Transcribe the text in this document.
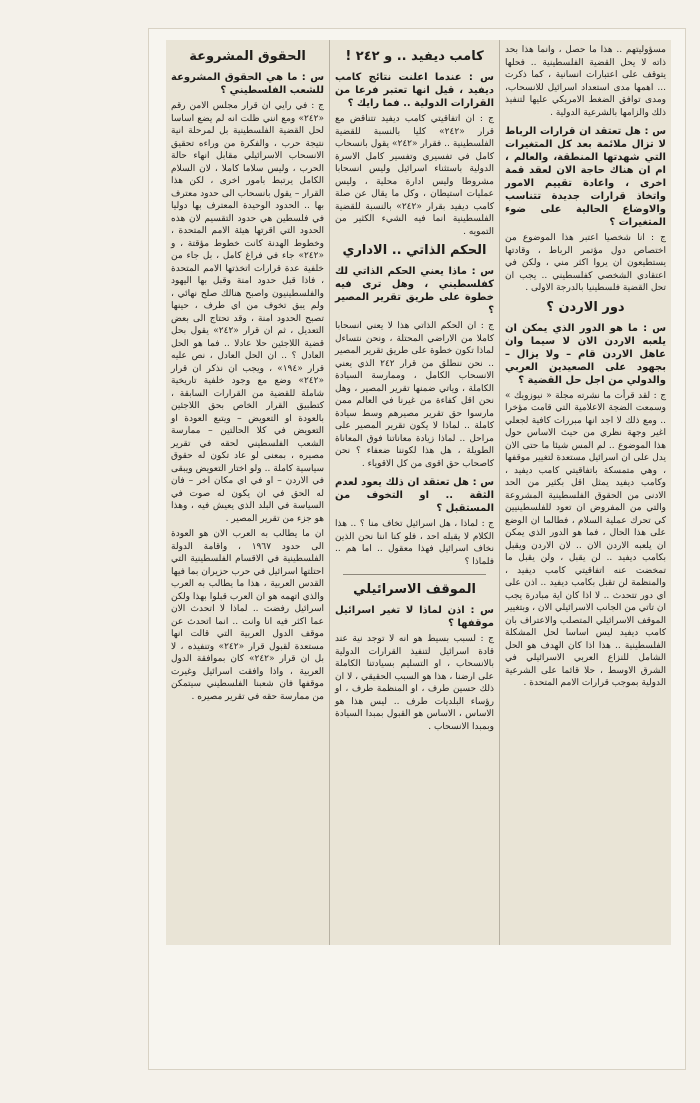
مسؤوليتهم .. هذا ما حصل ، وانما هذا بحد ذاته لا يحل القضية الفلسطينية .. فحلها يتوقف على اعتبارات انسانية ، كما ذكرت ... اهمها مدى استعداد اسرائيل للانسحاب، ومدى توافق الضغط الامريكي عليها لتنفيذ ذلك والزامها بالشرعية الدولية .
س : هل تعتقد ان قرارات الرباط لا تزال ملائمة بعد كل المتغيرات التي شهدتها المنطقة، والعالم ، ام ان هناك حاجة الان لعقد قمة اخرى ، واعادة تقييم الامور واتخاذ قرارات جديدة تتناسب والاوضاع الحالية على ضوء المتغيرات ؟
ج : انا شخصيا اعتبر هذا الموضوع من اختصاص دول مؤتمر الرباط ، وقادتها يستطيعون ان يروا اكثر مني ، ولكن في اعتقادي الشخصي كفلسطيني .. يجب ان تحل القضية فلسطينيا بالدرجة الاولى .
دور الاردن ؟
س : ما هو الدور الذي يمكن ان يلعبه الاردن الان لا سيما وان عاهل الاردن قام – ولا يزال – بجهود على الصعيدين العربي والدولي من اجل حل القضية ؟
ج : لقد قرأت ما نشرته مجلة « نيوزويك » وسمعت الضجة الاعلامية التي قامت مؤخرا .. ومع ذلك لا اجد انها مبررات كافية لجعلي اغير وجهة نظري من حيث الاساس حول هذا الموضوع .. لم المس شيئا ما حتى الان يدل على ان اسرائيل مستعدة لتغيير موقفها ، وهي متمسكة باتفاقيتي كامب ديفيد ، وكامب ديفيد يمثل اقل بكثير من الحد الادنى من الحقوق الفلسطينية المشروعة والتي من المفروض ان تعود للفلسطينيين كي تحرك عملية السلام ، فطالما ان الوضع على هذا الحال ، فما هو الدور الذي يمكن ان يلعبه الاردن الان .. لان الاردن ويقبل بكامب ديفيد .. لن يقبل ، ولن يقبل ما تمخضت عنه اتفاقيتي كامب ديفيد ، والمنظمة لن تقبل بكامب ديفيد .. اذن على اي دور تتحدث .. لا اذا كان اية مبادرة يجب ان تاتي من الجانب الاسرائيلي الان ، وبتغيير الموقف الاسرائيلي المتصلب والاعتراف بان كامب ديفيد ليس اساسا لحل المشكلة الفلسطينية .. هذا اذا كان الهدف هو الحل الشامل للنزاع العربي الاسرائيلي في الشرق الاوسط ، حلا قائما على الشرعية الدولية بموجب قرارات الامم المتحدة .
كامب ديفيد .. و ٢٤٢ !
س : عندما اعلنت نتائج كامب ديفيد ، قيل انها تعتبر فرعا من القرارات الدولية .. فما رايك ؟
ج : ان اتفاقيتي كامب ديفيد تتناقض مع قرار «٢٤٢» كليا بالنسبة للقضية الفلسطينية .. فقرار «٢٤٢» يقول بانسحاب كامل في تفسيري وتفسير كامل الاسرة الدولية باستثناء اسرائيل وليس انسحابا مشروطا وليس ادارة محلية ، وليس عمليات استيطان ، وكل ما يقال عن صلة كامب ديفيد بقرار «٢٤٢» بالنسبة للقضية الفلسطينية انما فيه الشيء الكثير من التمويه .
الحكم الذاتي .. الاداري
س : ماذا يعني الحكم الذاتي لك كفلسطيني ، وهل ترى فيه خطوة على طريق تقرير المصير ؟
ج : ان الحكم الذاتي هذا لا يعني انسحابا كاملا من الاراضي المحتلة ، ونحن نتساءل لماذا تكون خطوة على طريق تقرير المصير .. نحن ننطلق من قرار ٢٤٢ الذي يعني الانسحاب الكامل ، وممارسة السيادة الكاملة ، وياتي ضمنها تقرير المصير ، وهل نحن اقل كفاءة من غيرنا في العالم ممن مارسوا حق تقرير مصيرهم وسط سيادة كاملة .. لماذا لا يكون تقرير المصير على مراحل .. لماذا زيادة معاناتنا فوق المعاناة الطويلة ، هل هذا لكوننا ضعفاء ؟ نحن كاصحاب حق اقوى من كل الاقوياء .
س : هل تعتقد ان ذلك يعود لعدم الثقة .. او التخوف من المستقبل ؟
ج : لماذا ، هل اسرائيل تخاف منا ؟ .. هذا الكلام لا يقبله احد ، فلو كنا اننا نحن الذين نخاف اسرائيل فهذا معقول .. اما هم .. فلماذا ؟
الموقف الاسرائيلي
س : اذن لماذا لا تغير اسرائيل موقفها ؟
ج : لسبب بسيط هو انه لا توجد نية عند قادة اسرائيل لتنفيذ القرارات الدولية بالانسحاب ، او التسليم بسيادتنا الكاملة على ارضنا ، هذا هو السبب الحقيقي ، لا ان ذلك حسين طرف ، او المنظمة طرف ، او رؤساء البلديات طرف .. ليس هذا هو الاساس ، الاساس هو القبول بمبدا السيادة وبمبدا الانسحاب .
الحقوق المشروعة
س : ما هي الحقوق المشروعة للشعب الفلسطيني ؟
ج : في رايي ان قرار مجلس الامن رقم «٢٤٢» ومع انني ظلت انه لم يضع اساسا لحل القضية الفلسطينية بل لمرحلة انية نتيجة حرب ، والفكرة من وراءه تحقيق الانسحاب الاسرائيلي مقابل انهاء حالة الحرب ، وليس سلاما كاملا ، لان السلام الكامل يرتبط بامور اخرى ، لكن هذا القرار – يقول بانسحاب الى حدود معترف بها .. الحدود الوحيدة المعترف بها دوليا في فلسطين هي حدود التقسيم لان هذه الحدود التي اقرتها هيئة الامم المتحدة ، وخطوط الهدنة كانت خطوط مؤقتة ، و «٢٤٢» جاء في فراغ كامل ، بل جاء من خلفية عدة قرارات اتخذتها الامم المتحدة ، فاذا قبل حدود امنة وقبل بها اليهود والفلسطينيون واصبح هنالك صلح نهائي ، ولم يبق تخوف من اي طرف ، حينها تصبح الحدود امنة ، وقد تحتاج الى بعض التعديل ، ثم ان قرار «٢٤٢» يقول بحل قضية اللاجئين حلا عادلا .. فما هو الحل العادل ؟ .. ان الحل العادل ، نص عليه قرار «١٩٤» ، ويجب ان نذكر ان قرار «٢٤٢» وضع مع وجود خلفية تاريخية شاملة للقضية من القرارات السابقة ، كتطبيق القرار الخاص بحق اللاجئين بالعودة او التعويض – ويتبع العودة او التعويض في كلا الحالتين – ممارسة الشعب الفلسطيني لحقه في تقرير مصيره ، بمعنى لو عاد تكون له حقوق سياسية كاملة .. ولو اختار التعويض ويبقى في الاردن – او في اي مكان اخر – فان له الحق في ان يكون له صوت في السياسة في البلد الذي يعيش فيه ، وهذا هو جزء من تقرير المصير .
ان ما يطالب به العرب الان هو العودة الى حدود ١٩٦٧ ، واقامة الدولة الفلسطينية في الاقسام الفلسطينية التي احتلتها اسرائيل في حرب حزيران بما فيها القدس العربية ، هذا ما يطالب به العرب والذي اتهمه هو ان العرب قبلوا بهذا ولكن اسرائيل رفضت .. لماذا لا اتحدث الان عما اكثر فيه انا وانت .. انما اتحدث عن موقف الدول العربية التي قالت انها مستعدة لقبول قرار «٢٤٢» وتنفيذه ، لا بل ان قرار «٢٤٢» كان بموافقة الدول العربية ، واذا وافقت اسرائيل وغيرت موقفها فان شعبنا الفلسطيني سيتمكن من ممارسة حقه في تقرير مصيره .
